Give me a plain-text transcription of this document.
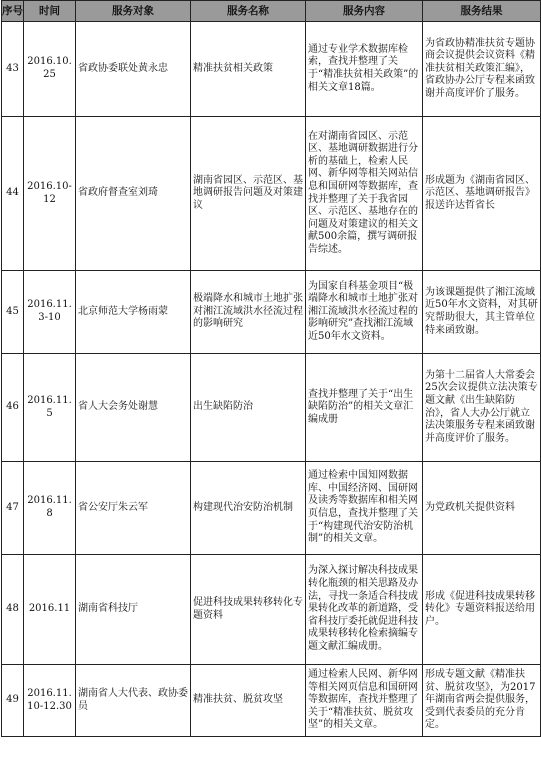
序号	时间	服务对象	服务名称	服务内容	服务结果
43	2016.10.25	省政协委联处黄永忠	精准扶贫相关政策	通过专业学术数据库检索，查找并整理了关于“精准扶贫相关政策”的相关文章18篇。	为省政协精准扶贫专题协商会议提供会议资料《精准扶贫相关政策汇编》，省政协办公厅专程来函致谢并高度评价了服务。
44	2016.10-12	省政府督查室刘琦	湖南省园区、示范区、基地调研报告问题及对策建议	在对湖南省园区、示范区、基地调研数据进行分析的基础上，检索人民网、新华网等相关网站信息和国研网等数据库，查找并整理了关于我省园区、示范区、基地存在的问题及对策建议的相关文献500余篇，撰写调研报告综述。	形成题为《湖南省园区、示范区、基地调研报告》报送许达哲省长
45	2016.11.3-10	北京师范大学杨雨蒙	极端降水和城市土地扩张对湘江流域洪水径流过程的影响研究	为国家自科基金项目“极端降水和城市土地扩张对湘江流域洪水径流过程的影响研究”查找湘江流域近50年水文资料。	为该课题提供了湘江流域近50年水文资料，对其研究帮助很大，其主管单位特来函致谢。
46	2016.11.5	省人大会务处谢慧	出生缺陷防治	查找并整理了关于“出生缺陷防治”的相关文章汇编成册	为第十二届省人大常委会25次会议提供立法决策专题文献《出生缺陷防治》，省人大办公厅就立法决策服务专程来函致谢并高度评价了服务。
47	2016.11.8	省公安厅朱云军	构建现代治安防治机制	通过检索中国知网数据库、中国经济网、国研网及读秀等数据库和相关网页信息，查找并整理了关于“构建现代治安防治机制”的相关文章。	为党政机关提供资料
48	2016.11	湖南省科技厅	促进科技成果转移转化专题资料	为深入探讨解决科技成果转化瓶颈的相关思路及办法，寻找一条适合科技成果转化改革的新道路，受省科技厅委托就促进科技成果转移转化检索摘编专题文献汇编成册。	形成《促进科技成果转移转化》专题资料报送给用户。
49	2016.11.10-12.30	湖南省人大代表、政协委员	精准扶贫、脱贫攻坚	通过检索人民网、新华网等相关网页信息和国研网等数据库，查找并整理了关于“精准扶贫、脱贫攻坚”的相关文章。	形成专题文献《精准扶贫、脱贫攻坚》，为2017年湖南省两会提供服务，受到代表委员的充分肯定。
